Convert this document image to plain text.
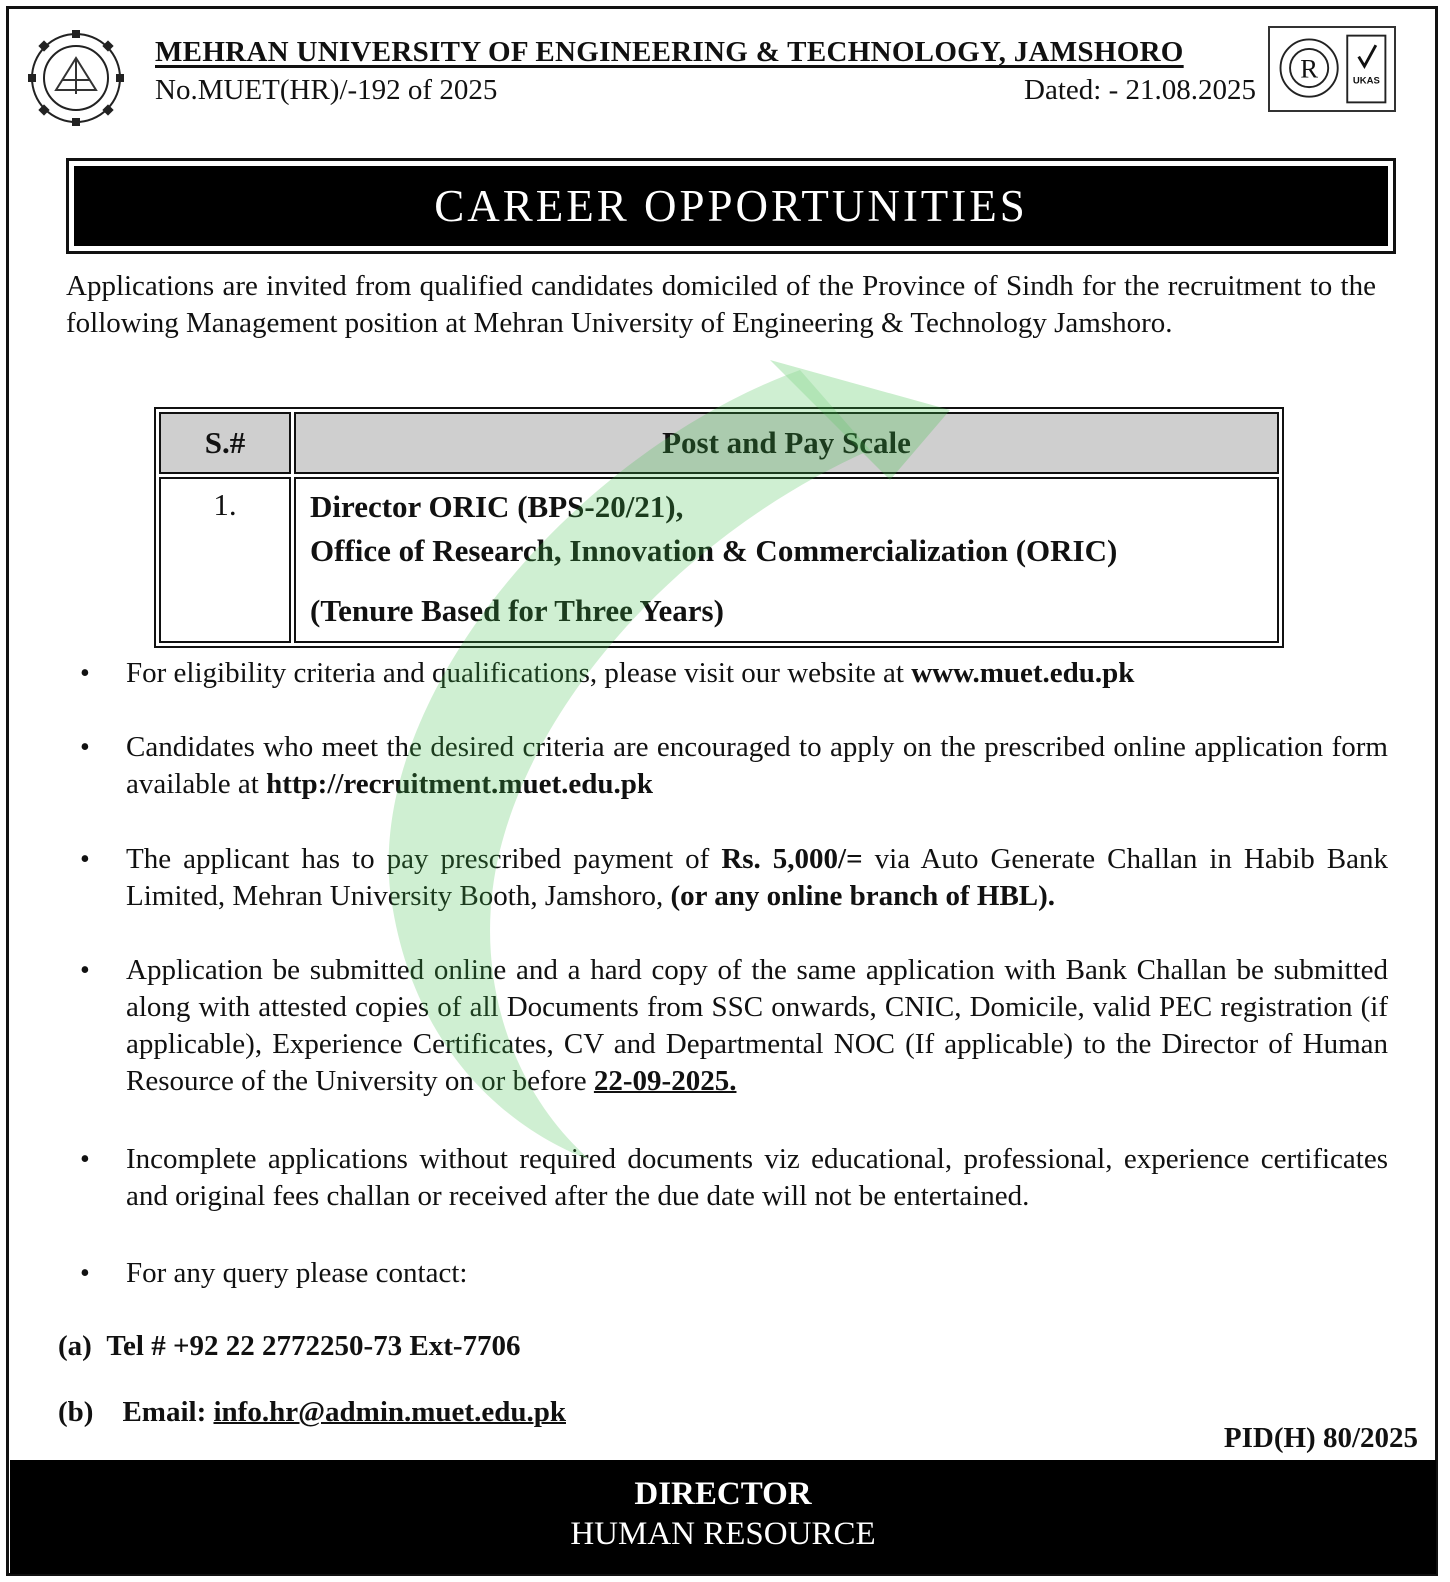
R	UKAS
MEHRAN UNIVERSITY OF ENGINEERING & TECHNOLOGY, JAMSHORO
No.MUET(HR)/-192 of 2025	Dated: - 21.08.2025
CAREER OPPORTUNITIES
Applications are invited from qualified candidates domiciled of the Province of Sindh for the recruitment to the following Management position at Mehran University of Engineering & Technology Jamshoro.
S.#	Post and Pay Scale
1.	Director ORIC (BPS-20/21),
Office of Research, Innovation & Commercialization (ORIC)

(Tenure Based for Three Years)
• For eligibility criteria and qualifications, please visit our website at www.muet.edu.pk
• Candidates who meet the desired criteria are encouraged to apply on the prescribed online application form available at http://recruitment.muet.edu.pk
• The applicant has to pay prescribed payment of Rs. 5,000/= via Auto Generate Challan in Habib Bank Limited, Mehran University Booth, Jamshoro, (or any online branch of HBL).
• Application be submitted online and a hard copy of the same application with Bank Challan be submitted along with attested copies of all Documents from SSC onwards, CNIC, Domicile, valid PEC registration (if applicable), Experience Certificates, CV and Departmental NOC (If applicable) to the Director of Human Resource of the University on or before 22-09-2025.
• Incomplete applications without required documents viz educational, professional, experience certificates and original fees challan or received after the due date will not be entertained.
• For any query please contact:
(a) Tel # +92 22 2772250-73 Ext-7706
(b) Email: info.hr@admin.muet.edu.pk
PID(H) 80/2025
DIRECTOR
HUMAN RESOURCE
